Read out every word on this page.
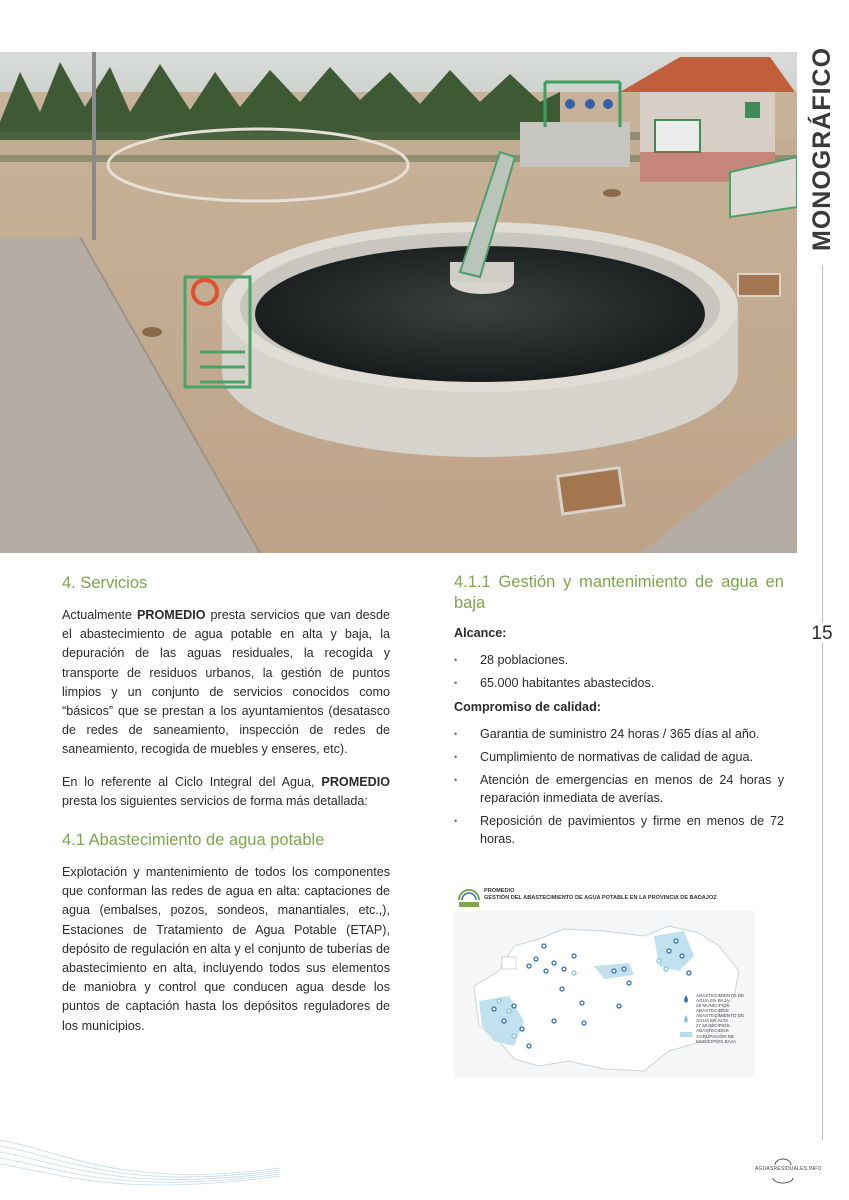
MONOGRÁFICO
15
4. Servicios

Actualmente PROMEDIO presta servicios que van desde el abastecimiento de agua potable en alta y baja, la depuración de las aguas residuales, la recogida y transporte de residuos urbanos, la gestión de puntos limpios y un conjunto de servicios conocidos como “básicos” que se prestan a los ayuntamientos (desatasco de redes de saneamiento, inspección de redes de saneamiento, recogida de muebles y enseres, etc).

En lo referente al Ciclo Integral del Agua, PROMEDIO presta los siguientes servicios de forma más detallada:

4.1 Abastecimiento de agua potable

Explotación y mantenimiento de todos los componentes que conforman las redes de agua en alta: captaciones de agua (embalses, pozos, sondeos, manantiales, etc.,), Estaciones de Tratamiento de Agua Potable (ETAP), depósito de regulación en alta y el conjunto de tuberías de abastecimiento en alta, incluyendo todos sus elementos de maniobra y control que conducen agua desde los puntos de captación hasta los depósitos reguladores de los municipios.

4.1.1 Gestión y mantenimiento de agua en baja
Alcance:
• 28 poblaciones.
• 65.000 habitantes abastecidos.
Compromiso de calidad:
• Garantia de suministro 24 horas / 365 días al año.
• Cumplimiento de normativas de calidad de agua.
• Atención de emergencias en menos de 24 horas y reparación inmediata de averías.
• Reposición de pavimientos y firme en menos de 72 horas.
PROMEDIO
GESTIÓN DEL ABASTECIMIENTO DE AGUA POTABLE EN LA PROVINCIA DE BADAJOZ
ABASTECIMIENTO DE AGUA EN BAJA
28 MUNICIPIOS ABASTECIDOS
ABASTECIMIENTO DE AGUA EN ALTA
27 MUNICIPIOS ABASTECIDOS
AGRUPACIÓN DE MUNICIPIOS BAJA
AGUASRESIDUALES.INFO
